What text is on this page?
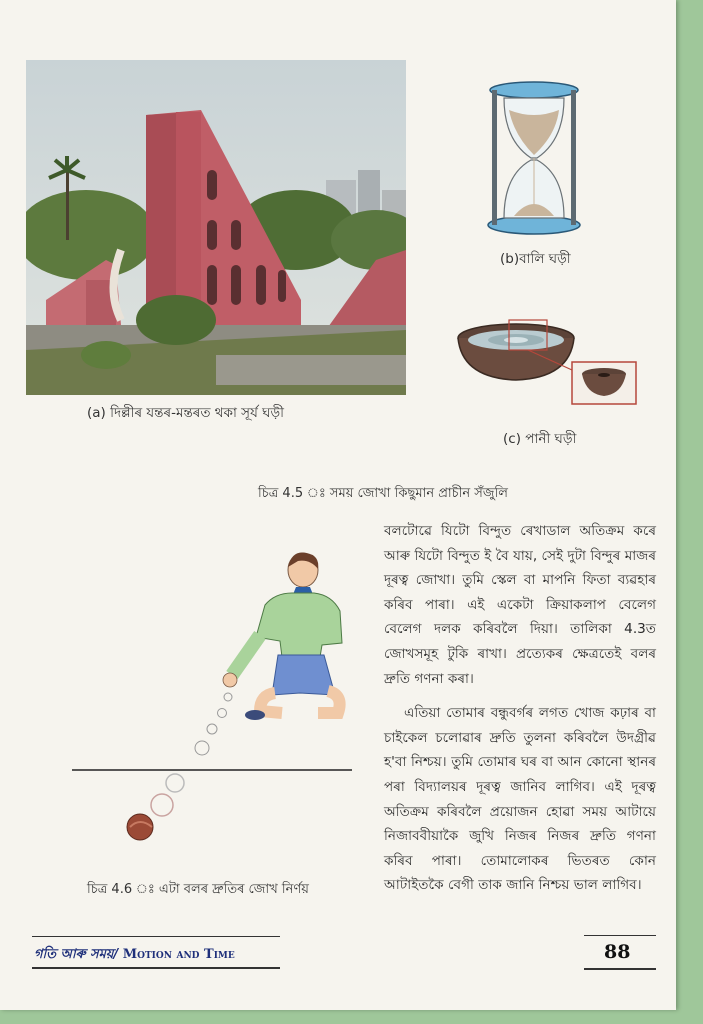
(a) দিল্লীৰ যন্তৰ-মন্তৰত থকা সূৰ্য ঘড়ী
(b)বালি ঘড়ী
(c) পানী ঘড়ী
চিত্ৰ 4.5 ঃ সময় জোখা কিছুমান প্ৰাচীন সঁজুলি
চিত্ৰ 4.6 ঃ এটা বলৰ দ্ৰুতিৰ জোখ নিৰ্ণয়

বলটোৱে যিটো বিন্দুত ৰেখাডাল অতিক্ৰম কৰে আৰু যিটো বিন্দুত ই বৈ যায়, সেই দুটা বিন্দুৰ মাজৰ দূৰত্ব জোখা। তুমি স্কেল বা মাপনি ফিতা ব্যৱহাৰ কৰিব পাৰা। এই একেটা ক্ৰিয়াকলাপ বেলেগ বেলেগ দলক কৰিবলৈ দিয়া। তালিকা 4.3ত জোখসমূহ টুকি ৰাখা। প্ৰত্যেকৰ ক্ষেত্ৰতেই বলৰ দ্ৰুতি গণনা কৰা।

এতিয়া তোমাৰ বন্ধুবৰ্গৰ লগত খোজ কঢ়াৰ বা চাইকেল চলোৱাৰ দ্ৰুতি তুলনা কৰিবলৈ উদগ্ৰীৱ হ'বা নিশ্চয়। তুমি তোমাৰ ঘৰ বা আন কোনো স্থানৰ পৰা বিদ্যালয়ৰ দূৰত্ব জানিব লাগিব। এই দূৰত্ব অতিক্ৰম কৰিবলৈ প্ৰয়োজন হোৱা সময় আটায়ে নিজাববীয়াকৈ জুখি নিজৰ নিজৰ দ্ৰুতি গণনা কৰিব পাৰা। তোমালোকৰ ভিতৰত কোন আটাইতকৈ বেগী তাক জানি নিশ্চয় ভাল লাগিব।

গতি আৰু সময়/ Motion and Time	88
